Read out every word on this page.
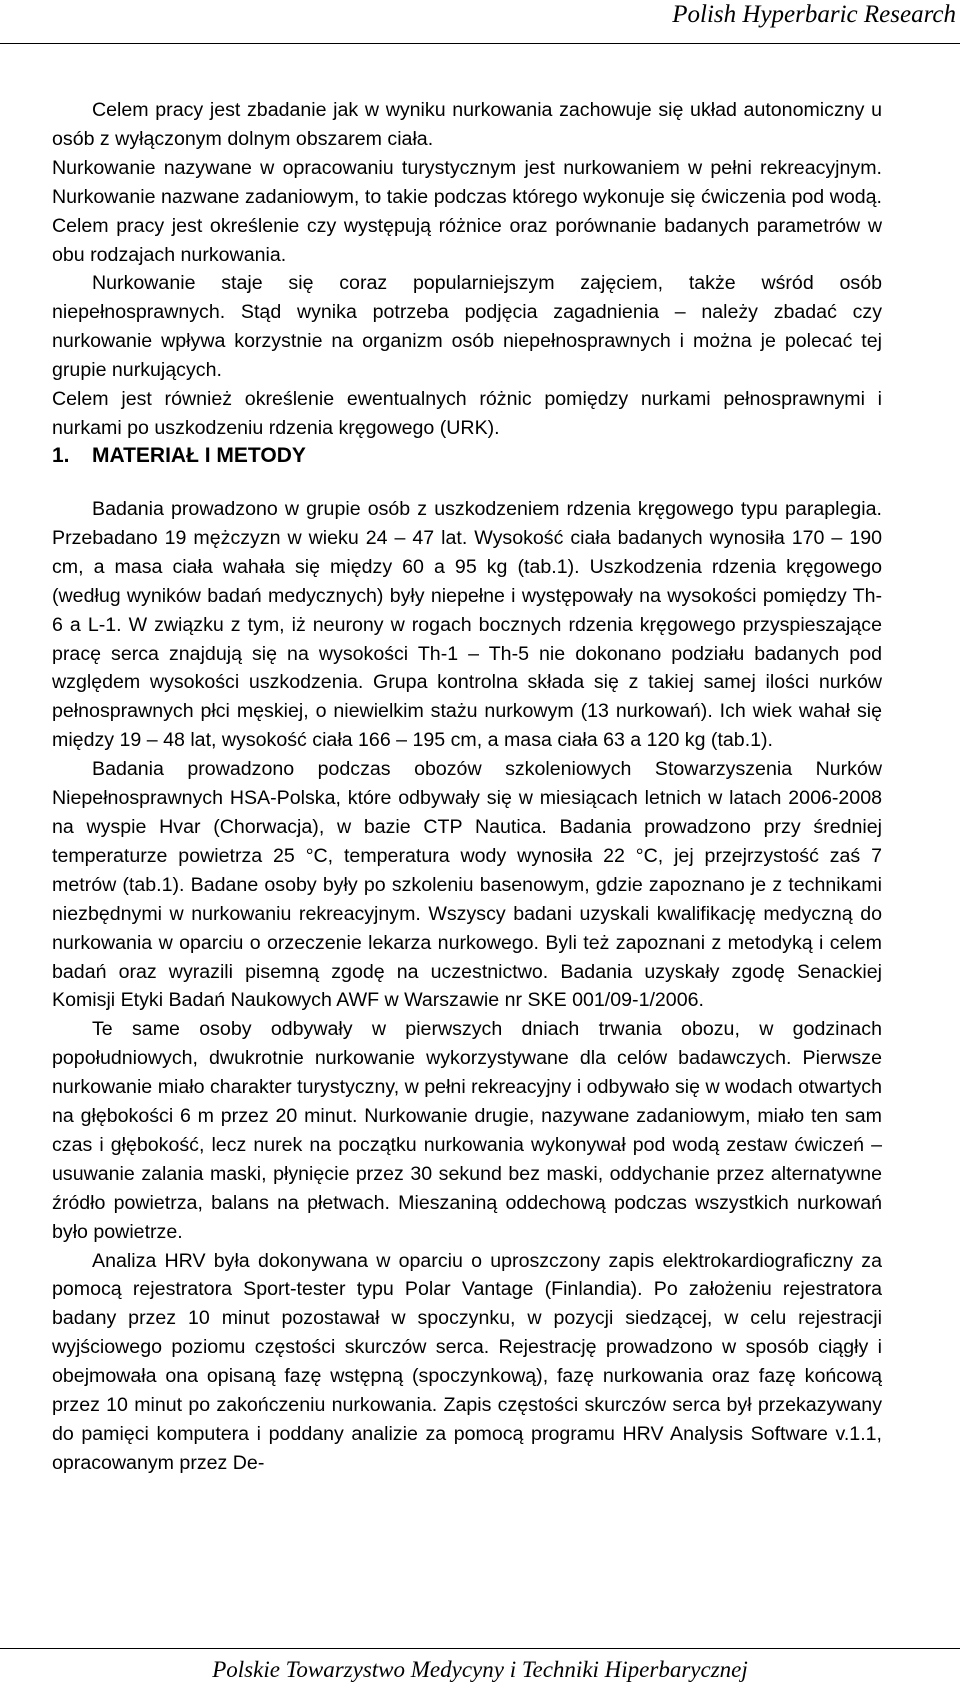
Polish Hyperbaric Research

Celem pracy jest zbadanie jak w wyniku nurkowania zachowuje się układ autonomiczny u osób z wyłączonym dolnym obszarem ciała.

Nurkowanie nazywane w opracowaniu turystycznym jest nurkowaniem w pełni rekreacyjnym. Nurkowanie nazwane zadaniowym, to takie podczas którego wykonuje się ćwiczenia pod wodą. Celem pracy jest określenie czy występują różnice oraz porównanie badanych parametrów w obu rodzajach nurkowania.

Nurkowanie staje się coraz popularniejszym zajęciem, także wśród osób niepełnosprawnych. Stąd wynika potrzeba podjęcia zagadnienia – należy zbadać czy nurkowanie wpływa korzystnie na organizm osób niepełnosprawnych i można je polecać tej grupie nurkujących.

Celem jest również określenie ewentualnych różnic pomiędzy nurkami pełnosprawnymi i nurkami po uszkodzeniu rdzenia kręgowego (URK).

1. MATERIAŁ I METODY

Badania prowadzono w grupie osób z uszkodzeniem rdzenia kręgowego typu paraplegia. Przebadano 19 mężczyzn w wieku 24 – 47 lat. Wysokość ciała badanych wynosiła 170 – 190 cm, a masa ciała wahała się między 60 a 95 kg (tab.1). Uszkodzenia rdzenia kręgowego (według wyników badań medycznych) były niepełne i występowały na wysokości pomiędzy Th-6 a L-1. W związku z tym, iż neurony w rogach bocznych rdzenia kręgowego przyspieszające pracę serca znajdują się na wysokości Th-1 – Th-5 nie dokonano podziału badanych pod względem wysokości uszkodzenia. Grupa kontrolna składa się z takiej samej ilości nurków pełnosprawnych płci męskiej, o niewielkim stażu nurkowym (13 nurkowań). Ich wiek wahał się między 19 – 48 lat, wysokość ciała 166 – 195 cm, a masa ciała 63 a 120 kg (tab.1).

Badania prowadzono podczas obozów szkoleniowych Stowarzyszenia Nurków Niepełnosprawnych HSA-Polska, które odbywały się w miesiącach letnich w latach 2006-2008 na wyspie Hvar (Chorwacja), w bazie CTP Nautica. Badania prowadzono przy średniej temperaturze powietrza 25 °C, temperatura wody wynosiła 22 °C, jej przejrzystość zaś 7 metrów (tab.1). Badane osoby były po szkoleniu basenowym, gdzie zapoznano je z technikami niezbędnymi w nurkowaniu rekreacyjnym. Wszyscy badani uzyskali kwalifikację medyczną do nurkowania w oparciu o orzeczenie lekarza nurkowego. Byli też zapoznani z metodyką i celem badań oraz wyrazili pisemną zgodę na uczestnictwo. Badania uzyskały zgodę Senackiej Komisji Etyki Badań Naukowych AWF w Warszawie nr SKE 001/09-1/2006.

Te same osoby odbywały w pierwszych dniach trwania obozu, w godzinach popołudniowych, dwukrotnie nurkowanie wykorzystywane dla celów badawczych. Pierwsze nurkowanie miało charakter turystyczny, w pełni rekreacyjny i odbywało się w wodach otwartych na głębokości 6 m przez 20 minut. Nurkowanie drugie, nazywane zadaniowym, miało ten sam czas i głębokość, lecz nurek na początku nurkowania wykonywał pod wodą zestaw ćwiczeń – usuwanie zalania maski, płynięcie przez 30 sekund bez maski, oddychanie przez alternatywne źródło powietrza, balans na płetwach. Mieszaniną oddechową podczas wszystkich nurkowań było powietrze.

Analiza HRV była dokonywana w oparciu o uproszczony zapis elektrokardiograficzny za pomocą rejestratora Sport-tester typu Polar Vantage (Finlandia). Po założeniu rejestratora badany przez 10 minut pozostawał w spoczynku, w pozycji siedzącej, w celu rejestracji wyjściowego poziomu częstości skurczów serca. Rejestrację prowadzono w sposób ciągły i obejmowała ona opisaną fazę wstępną (spoczynkową), fazę nurkowania oraz fazę końcową przez 10 minut po zakończeniu nurkowania. Zapis częstości skurczów serca był przekazywany do pamięci komputera i poddany analizie za pomocą programu HRV Analysis Software v.1.1, opracowanym przez De-

Polskie Towarzystwo Medycyny i Techniki Hiperbarycznej
